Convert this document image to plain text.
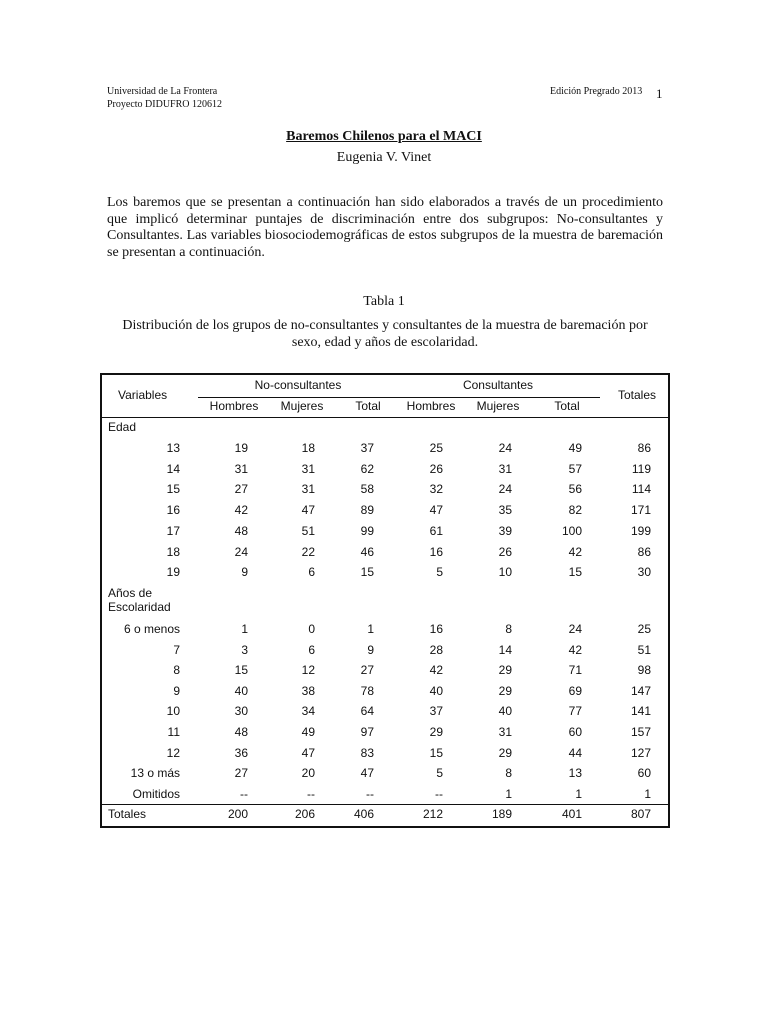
Universidad de La Frontera
Proyecto DIDUFRO 120612
Edición Pregrado 2013 1
Baremos Chilenos para el MACI
Eugenia V. Vinet

Los baremos que se presentan a continuación han sido elaborados a través de un procedimiento que implicó determinar puntajes de discriminación entre dos subgrupos: No-consultantes y Consultantes. Las variables biosociodemográficas de estos subgrupos de la muestra de baremación se presentan a continuación.

Tabla 1
Distribución de los grupos de no-consultantes y consultantes de la muestra de baremación por sexo, edad y años de escolaridad.
Variables
No-consultantes	Consultantes
Totales
Edad
Años de
Escolaridad
Hombres	Mujeres	Total	Hombres	Mujeres	Total
13	19	18	37	25	24	49	86
14	31	31	62	26	31	57	119
15	27	31	58	32	24	56	114
16	42	47	89	47	35	82	171
17	48	51	99	61	39	100	199
18	24	22	46	16	26	42	86
19	9	6	15	5	10	15	30
6 o menos	1	0	1	16	8	24	25
7	3	6	9	28	14	42	51
8	15	12	27	42	29	71	98
9	40	38	78	40	29	69	147
10	30	34	64	37	40	77	141
11	48	49	97	29	31	60	157
12	36	47	83	15	29	44	127
13 o más	27	20	47	5	8	13	60
Omitidos	--	--	--	--	1	1	1
Totales	200	206	406	212	189	401	807
